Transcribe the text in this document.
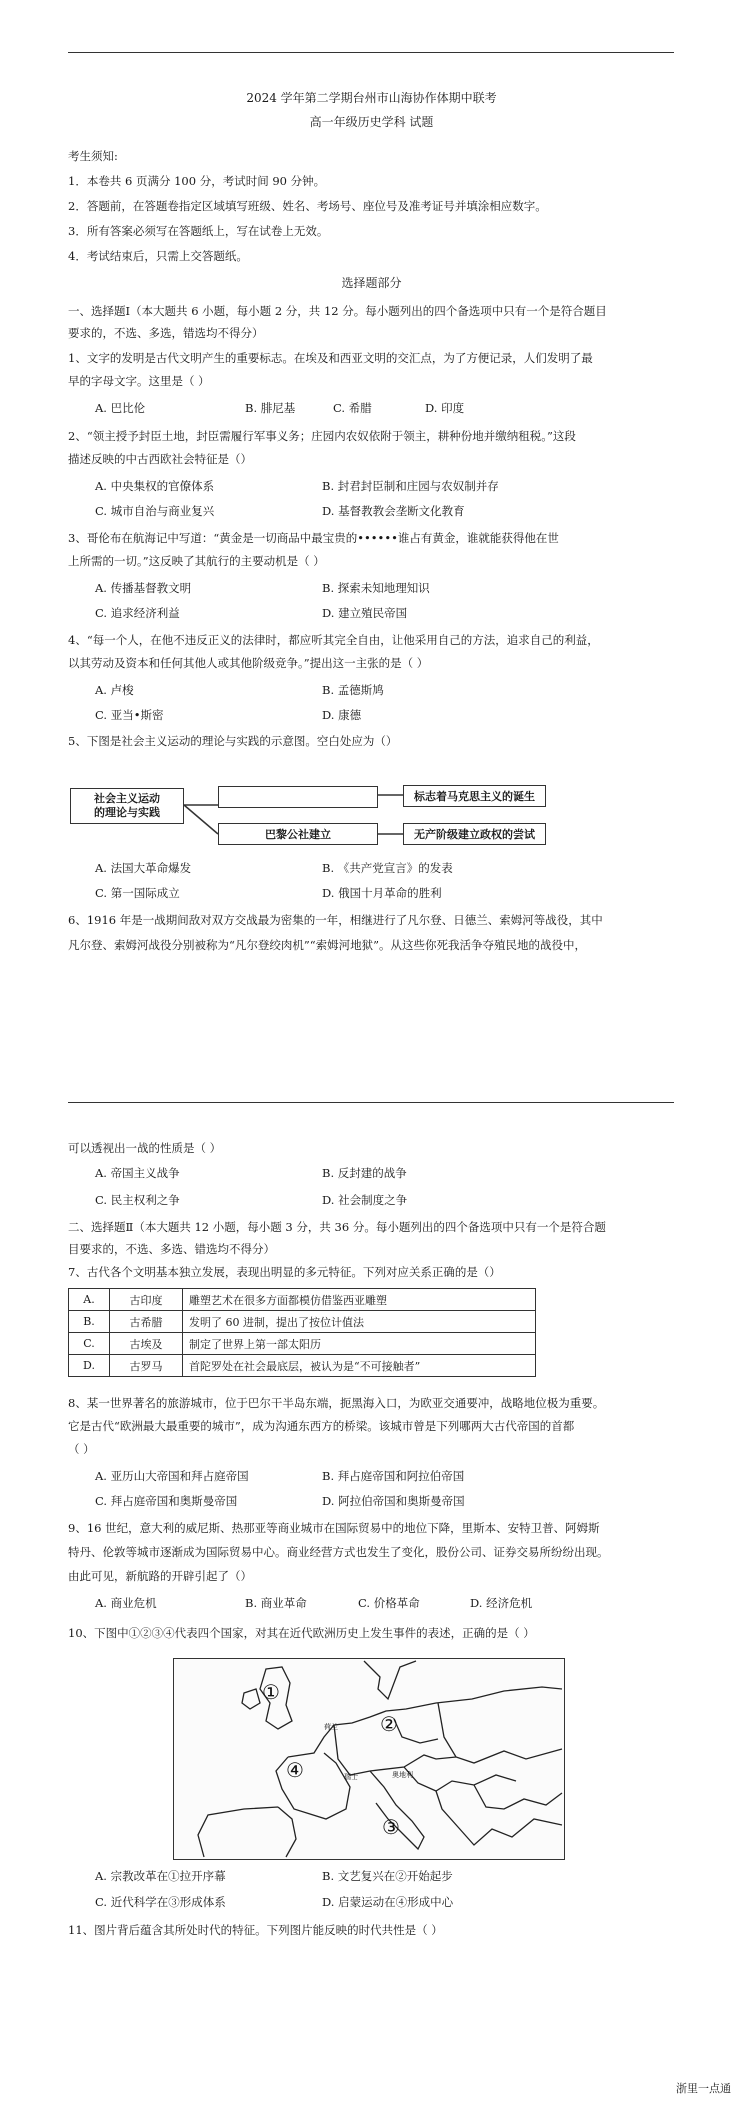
2024 学年第二学期台州市山海协作体期中联考
高一年级历史学科 试题
考生须知:
1．本卷共 6 页满分 100 分，考试时间 90 分钟。
2．答题前，在答题卷指定区域填写班级、姓名、考场号、座位号及准考证号并填涂相应数字。
3．所有答案必须写在答题纸上，写在试卷上无效。
4．考试结束后，只需上交答题纸。
选择题部分
一、选择题Ⅰ（本大题共 6 小题，每小题 2 分，共 12 分。每小题列出的四个备选项中只有一个是符合题目
要求的，不选、多选，错选均不得分）
1、文字的发明是古代文明产生的重要标志。在埃及和西亚文明的交汇点，为了方便记录，人们发明了最
早的字母文字。这里是（ ）
A. 巴比伦	B. 腓尼基	C. 希腊	D. 印度
2、“领主授予封臣土地，封臣需履行军事义务；庄园内农奴依附于领主，耕种份地并缴纳租税。”这段
描述反映的中古西欧社会特征是（）
A. 中央集权的官僚体系	B. 封君封臣制和庄园与农奴制并存
C. 城市自治与商业复兴	D. 基督教教会垄断文化教育
3、哥伦布在航海记中写道：“黄金是一切商品中最宝贵的••••••谁占有黄金，谁就能获得他在世
上所需的一切。”这反映了其航行的主要动机是（ ）
A. 传播基督教文明	B. 探索未知地理知识
C. 追求经济利益	D. 建立殖民帝国
4、“每一个人，在他不违反正义的法律时，都应听其完全自由，让他采用自己的方法，追求自己的利益，
以其劳动及资本和任何其他人或其他阶级竞争。”提出这一主张的是（ ）
A. 卢梭	B. 孟德斯鸠
C. 亚当•斯密	D. 康德
5、下图是社会主义运动的理论与实践的示意图。空白处应为（）
社会主义运动
的理论与实践
巴黎公社建立
标志着马克思主义的诞生
无产阶级建立政权的尝试
A. 法国大革命爆发	B. 《共产党宣言》的发表
C. 第一国际成立	D. 俄国十月革命的胜利
6、1916 年是一战期间敌对双方交战最为密集的一年，相继进行了凡尔登、日德兰、索姆河等战役，其中
凡尔登、索姆河战役分别被称为“凡尔登绞肉机”“索姆河地狱”。从这些你死我活争夺殖民地的战役中，
可以透视出一战的性质是（ ）
A. 帝国主义战争	B. 反封建的战争
C. 民主权利之争	D. 社会制度之争
二、选择题Ⅱ（本大题共 12 小题，每小题 3 分，共 36 分。每小题列出的四个备选项中只有一个是符合题
目要求的，不选、多选、错选均不得分）
7、古代各个文明基本独立发展，表现出明显的多元特征。下列对应关系正确的是（）
A.	古印度	雕塑艺术在很多方面都模仿借鉴西亚雕塑
B.	古希腊	发明了 60 进制，提出了按位计值法
C.	古埃及	制定了世界上第一部太阳历
D.	古罗马	首陀罗处在社会最底层，被认为是“不可接触者”
8、某一世界著名的旅游城市，位于巴尔干半岛东端，扼黑海入口，为欧亚交通要冲，战略地位极为重要。
它是古代“欧洲最大最重要的城市”，成为沟通东西方的桥梁。该城市曾是下列哪两大古代帝国的首都
（ ）
A. 亚历山大帝国和拜占庭帝国	B. 拜占庭帝国和阿拉伯帝国
C. 拜占庭帝国和奥斯曼帝国	D. 阿拉伯帝国和奥斯曼帝国
9、16 世纪，意大利的威尼斯、热那亚等商业城市在国际贸易中的地位下降，里斯本、安特卫普、阿姆斯
特丹、伦敦等城市逐渐成为国际贸易中心。商业经营方式也发生了变化，股份公司、证券交易所纷纷出现。
由此可见，新航路的开辟引起了（）
A. 商业危机	B. 商业革命	C. 价格革命	D. 经济危机
10、下图中①②③④代表四个国家，对其在近代欧洲历史上发生事件的表述，正确的是（ ）
①
②
③
④	瑞士	奥地利
荷兰
A. 宗教改革在①拉开序幕	B. 文艺复兴在②开始起步
C. 近代科学在③形成体系	D. 启蒙运动在④形成中心
11、图片背后蕴含其所处时代的特征。下列图片能反映的时代共性是（ ）
浙里一点通
